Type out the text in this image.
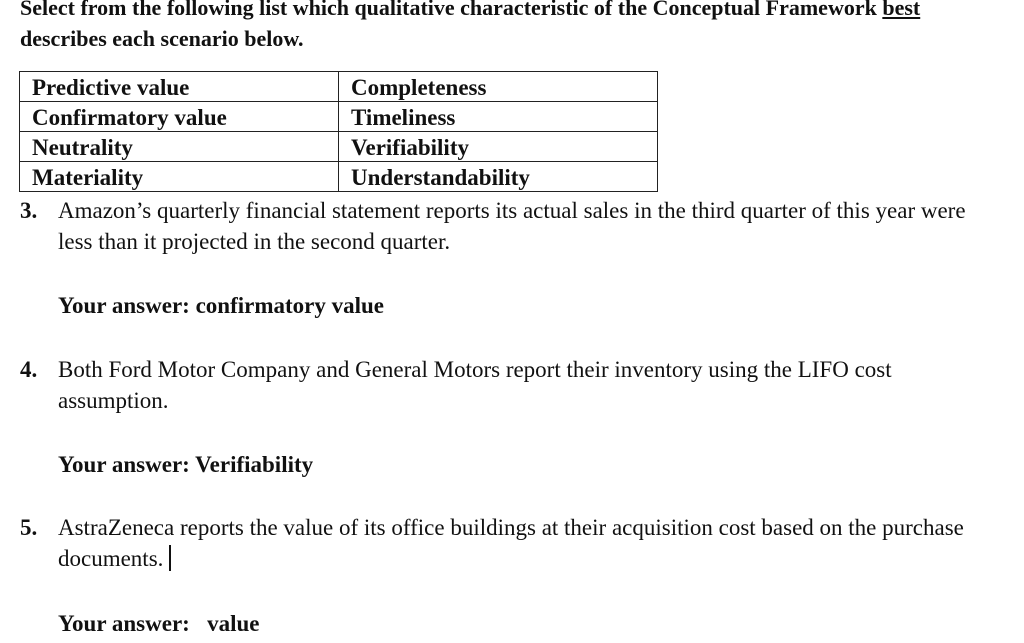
Select from the following list which qualitative characteristic of the Conceptual Framework best describes each scenario below.

Predictive value	Completeness
Confirmatory value	Timeliness
Neutrality	Verifiability
Materiality	Understandability
3. Amazon’s quarterly financial statement reports its actual sales in the third quarter of this year were less than it projected in the second quarter.
Your answer: confirmatory value
4. Both Ford Motor Company and General Motors report their inventory using the LIFO cost assumption.
Your answer: Verifiability
5. AstraZeneca reports the value of its office buildings at their acquisition cost based on the purchase documents.
Your answer:   value
